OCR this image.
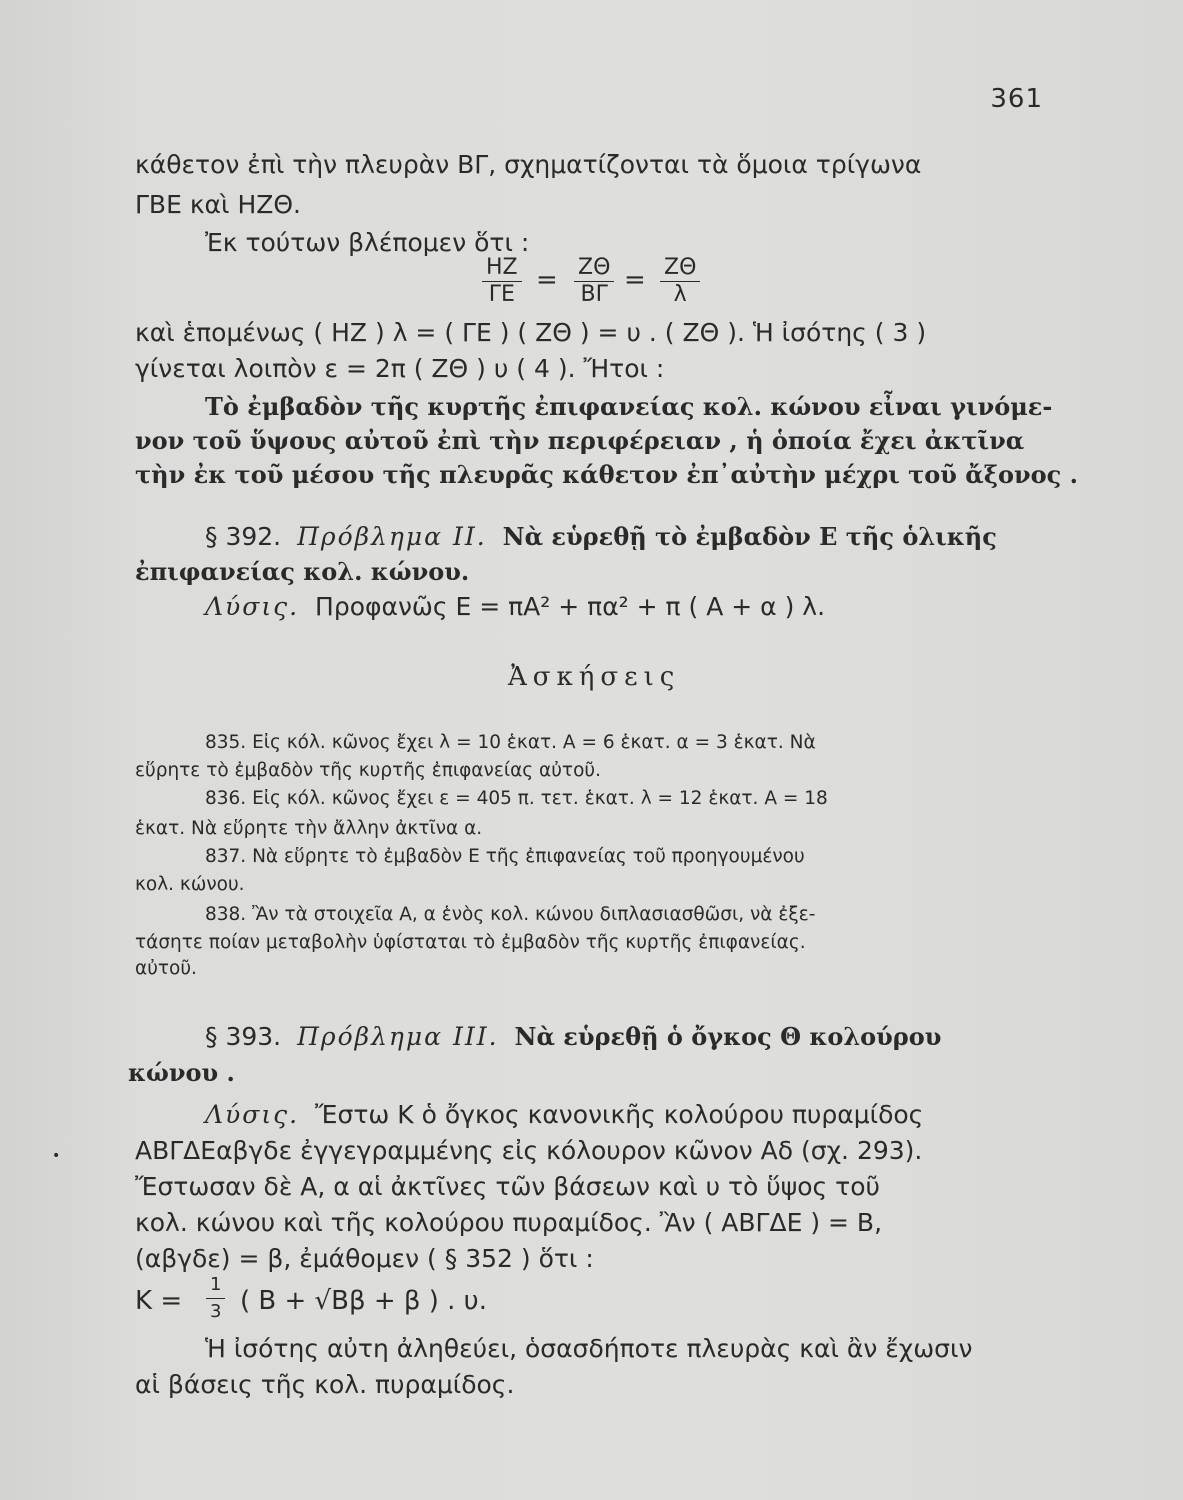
361
κάθετον ἐπὶ τὴν πλευρὰν ΒΓ, σχηματίζονται τὰ ὅμοια τρίγωνα
ΓΒΕ καὶ ΗΖΘ.
Ἐκ τούτων βλέπομεν ὅτι :
$\frac{HZ}{\Gamma E} = \frac{Z\Theta}{B\Gamma} = \frac{Z\Theta}{\lambda}$
καὶ ἑπομένως ( ΗΖ ) λ = ( ΓΕ ) ( ΖΘ ) = υ . ( ΖΘ ). Ἡ ἰσότης ( 3 )
γίνεται λοιπὸν ε = 2π ( ΖΘ ) υ ( 4 ). Ἤτοι :
Τὸ ἐμβαδὸν τῆς κυρτῆς ἐπιφανείας κολ. κώνου εἶναι γινόμε-
νον τοῦ ὕψους αὐτοῦ ἐπὶ τὴν περιφέρειαν , ἡ ὁποία ἔχει ἀκτῖνα
τὴν ἐκ τοῦ μέσου τῆς πλευρᾶς κάθετον ἐπ᾽αὐτὴν μέχρι τοῦ ἄξονος .
§ 392. Πρόβλημα ΙΙ. Νὰ εὑρεθῇ τὸ ἐμβαδὸν Ε τῆς ὁλικῆς
ἐπιφανείας κολ. κώνου.
Λύσις. Προφανῶς Ε = πΑ² + πα² + π ( Α + α ) λ.
Ἀσκήσεις
835. Εἰς κόλ. κῶνος ἔχει λ = 10 ἑκατ. Α = 6 ἑκατ. α = 3 ἑκατ. Νὰ
εὕρητε τὸ ἐμβαδὸν τῆς κυρτῆς ἐπιφανείας αὐτοῦ.
836. Εἰς κόλ. κῶνος ἔχει ε = 405 π. τετ. ἑκατ. λ = 12 ἑκατ. Α = 18
ἑκατ. Νὰ εὕρητε τὴν ἄλλην ἀκτῖνα α.
837. Νὰ εὕρητε τὸ ἐμβαδὸν Ε τῆς ἐπιφανείας τοῦ προηγουμένου
κολ. κώνου.
838. Ἂν τὰ στοιχεῖα Α, α ἑνὸς κολ. κώνου διπλασιασθῶσι, νὰ ἐξε-
τάσητε ποίαν μεταβολὴν ὑφίσταται τὸ ἐμβαδὸν τῆς κυρτῆς ἐπιφανείας.
αὐτοῦ.
§ 393. Πρόβλημα ΙΙΙ. Νὰ εὑρεθῇ ὁ ὄγκος Θ κολούρου
•
κώνου .
Λύσις. Ἔστω Κ ὁ ὄγκος κανονικῆς κολούρου πυραμίδος
ΑΒΓΔΕαβγδε ἐγγεγραμμένης εἰς κόλουρον κῶνον Αδ (σχ. 293).
Ἔστωσαν δὲ Α, α αἱ ἀκτῖνες τῶν βάσεων καὶ υ τὸ ὕψος τοῦ
κολ. κώνου καὶ τῆς κολούρου πυραμίδος. Ἂν ( ΑΒΓΔΕ ) = Β,
(αβγδε) = β, ἐμάθομεν ( § 352 ) ὅτι :
$K = \frac{1}{3}$ ( Β + √Ββ + β ) . υ.
Ἡ ἰσότης αὐτη ἀληθεύει, ὁσασδήποτε πλευρὰς καὶ ἂν ἔχωσιν
αἱ βάσεις τῆς κολ. πυραμίδος.
